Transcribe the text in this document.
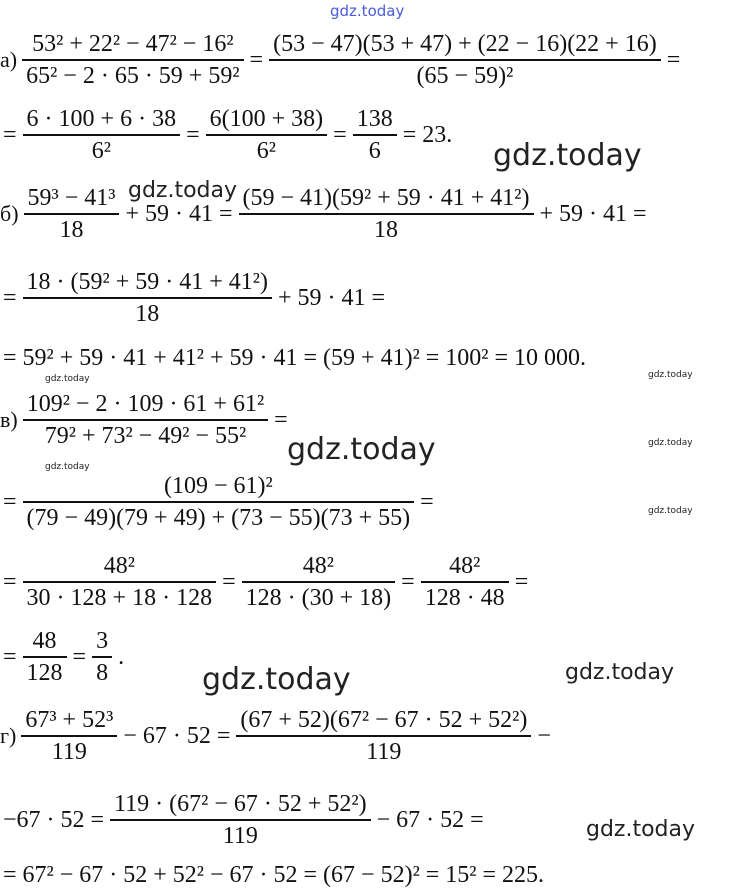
gdz.today
gdz.today
gdz.today
gdz.today	gdz.today
gdz.today
gdz.today
gdz.today
gdz.today
gdz.today	gdz.today
gdz.today
$а) \frac{\text{53² + 22² − 47² − 16²}}{\text{65² − 2 · 65 · 59 + 59²}} = \frac{(53 - 47)(53 + 47) + (22 - 16)(22 + 16)}{\text{(65 − 59)²}}$ =
= $\frac{6 \cdot 100 + 6 \cdot 38}{\text{6²}} = \frac{6(100 + 38)}{\text{6²}} = \frac{138}{6} = 23$.
$б) \frac{\text{59³ − 41³}}{18} + 59 \cdot 41 = \frac{\text{(59 − 41)(59² + 59 · 41 + 41²)}}{18} + 59 \cdot 41$ =
= $\frac{\text{18 · (59² + 59 · 41 + 41²)}}{18} + 59 \cdot 41$ =
= 59² + 59 · 41 + 41² + 59 · 41 = (59 + 41)² = 100² = 10 000.
$в) \frac{\text{109² − 2 · 109 · 61 + 61²}}{\text{79² + 73² − 49² − 55²}}$ =
= $\frac{\text{(109 − 61)²}}{(79 - 49)(79 + 49) + (73 - 55)(73 + 55)}$ =
= $\frac{\text{48²}}{30 \cdot 128 + 18 \cdot 128} = \frac{\text{48²}}{128 \cdot (30 + 18)} = \frac{\text{48²}}{128 \cdot 48}$ =
= $\frac{48}{128} = \frac{3}{8}$ .
$г) \frac{\text{67³ + 52³}}{119} - 67 \cdot 52 = \frac{\text{(67 + 52)(67² − 67 · 52 + 52²)}}{119}$ −
$-67 \cdot 52 = \frac{\text{119 · (67² − 67 · 52 + 52²)}}{119} - 67 \cdot 52$ =
= 67² − 67 · 52 + 52² − 67 · 52 = (67 − 52)² = 15² = 225.
